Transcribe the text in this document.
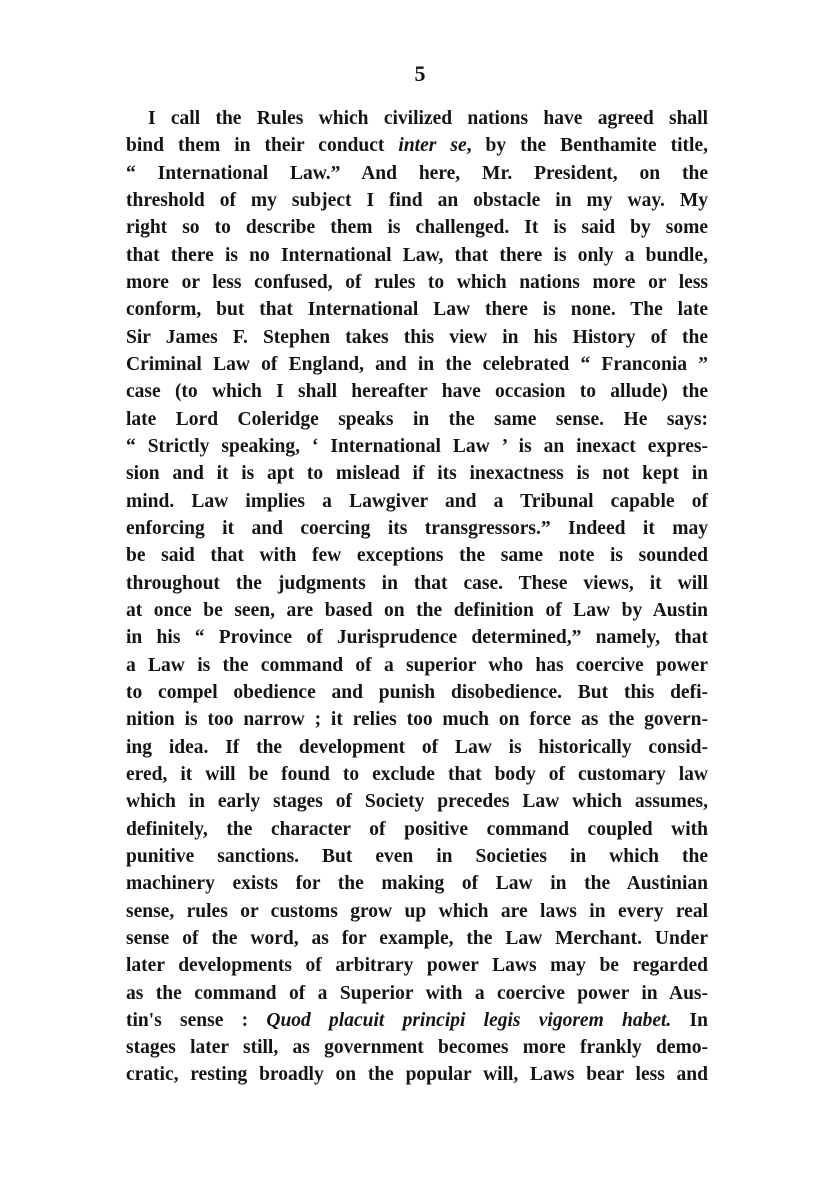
5
I call the Rules which civilized nations have agreed shall
bind them in their conduct inter se, by the Benthamite title,
“ International Law.” And here, Mr. President, on the
threshold of my subject I find an obstacle in my way. My
right so to describe them is challenged. It is said by some
that there is no International Law, that there is only a bundle,
more or less confused, of rules to which nations more or less
conform, but that International Law there is none. The late
Sir James F. Stephen takes this view in his History of the
Criminal Law of England, and in the celebrated “ Franconia ”
case (to which I shall hereafter have occasion to allude) the
late Lord Coleridge speaks in the same sense. He says:
“ Strictly speaking, ‘ International Law ’ is an inexact expres-
sion and it is apt to mislead if its inexactness is not kept in
mind. Law implies a Lawgiver and a Tribunal capable of
enforcing it and coercing its transgressors.” Indeed it may
be said that with few exceptions the same note is sounded
throughout the judgments in that case. These views, it will
at once be seen, are based on the definition of Law by Austin
in his “ Province of Jurisprudence determined,” namely, that
a Law is the command of a superior who has coercive power
to compel obedience and punish disobedience. But this defi-
nition is too narrow ; it relies too much on force as the govern-
ing idea. If the development of Law is historically consid-
ered, it will be found to exclude that body of customary law
which in early stages of Society precedes Law which assumes,
definitely, the character of positive command coupled with
punitive sanctions. But even in Societies in which the
machinery exists for the making of Law in the Austinian
sense, rules or customs grow up which are laws in every real
sense of the word, as for example, the Law Merchant. Under
later developments of arbitrary power Laws may be regarded
as the command of a Superior with a coercive power in Aus-
tin's sense : Quod placuit principi legis vigorem habet. In
stages later still, as government becomes more frankly demo-
cratic, resting broadly on the popular will, Laws bear less and
